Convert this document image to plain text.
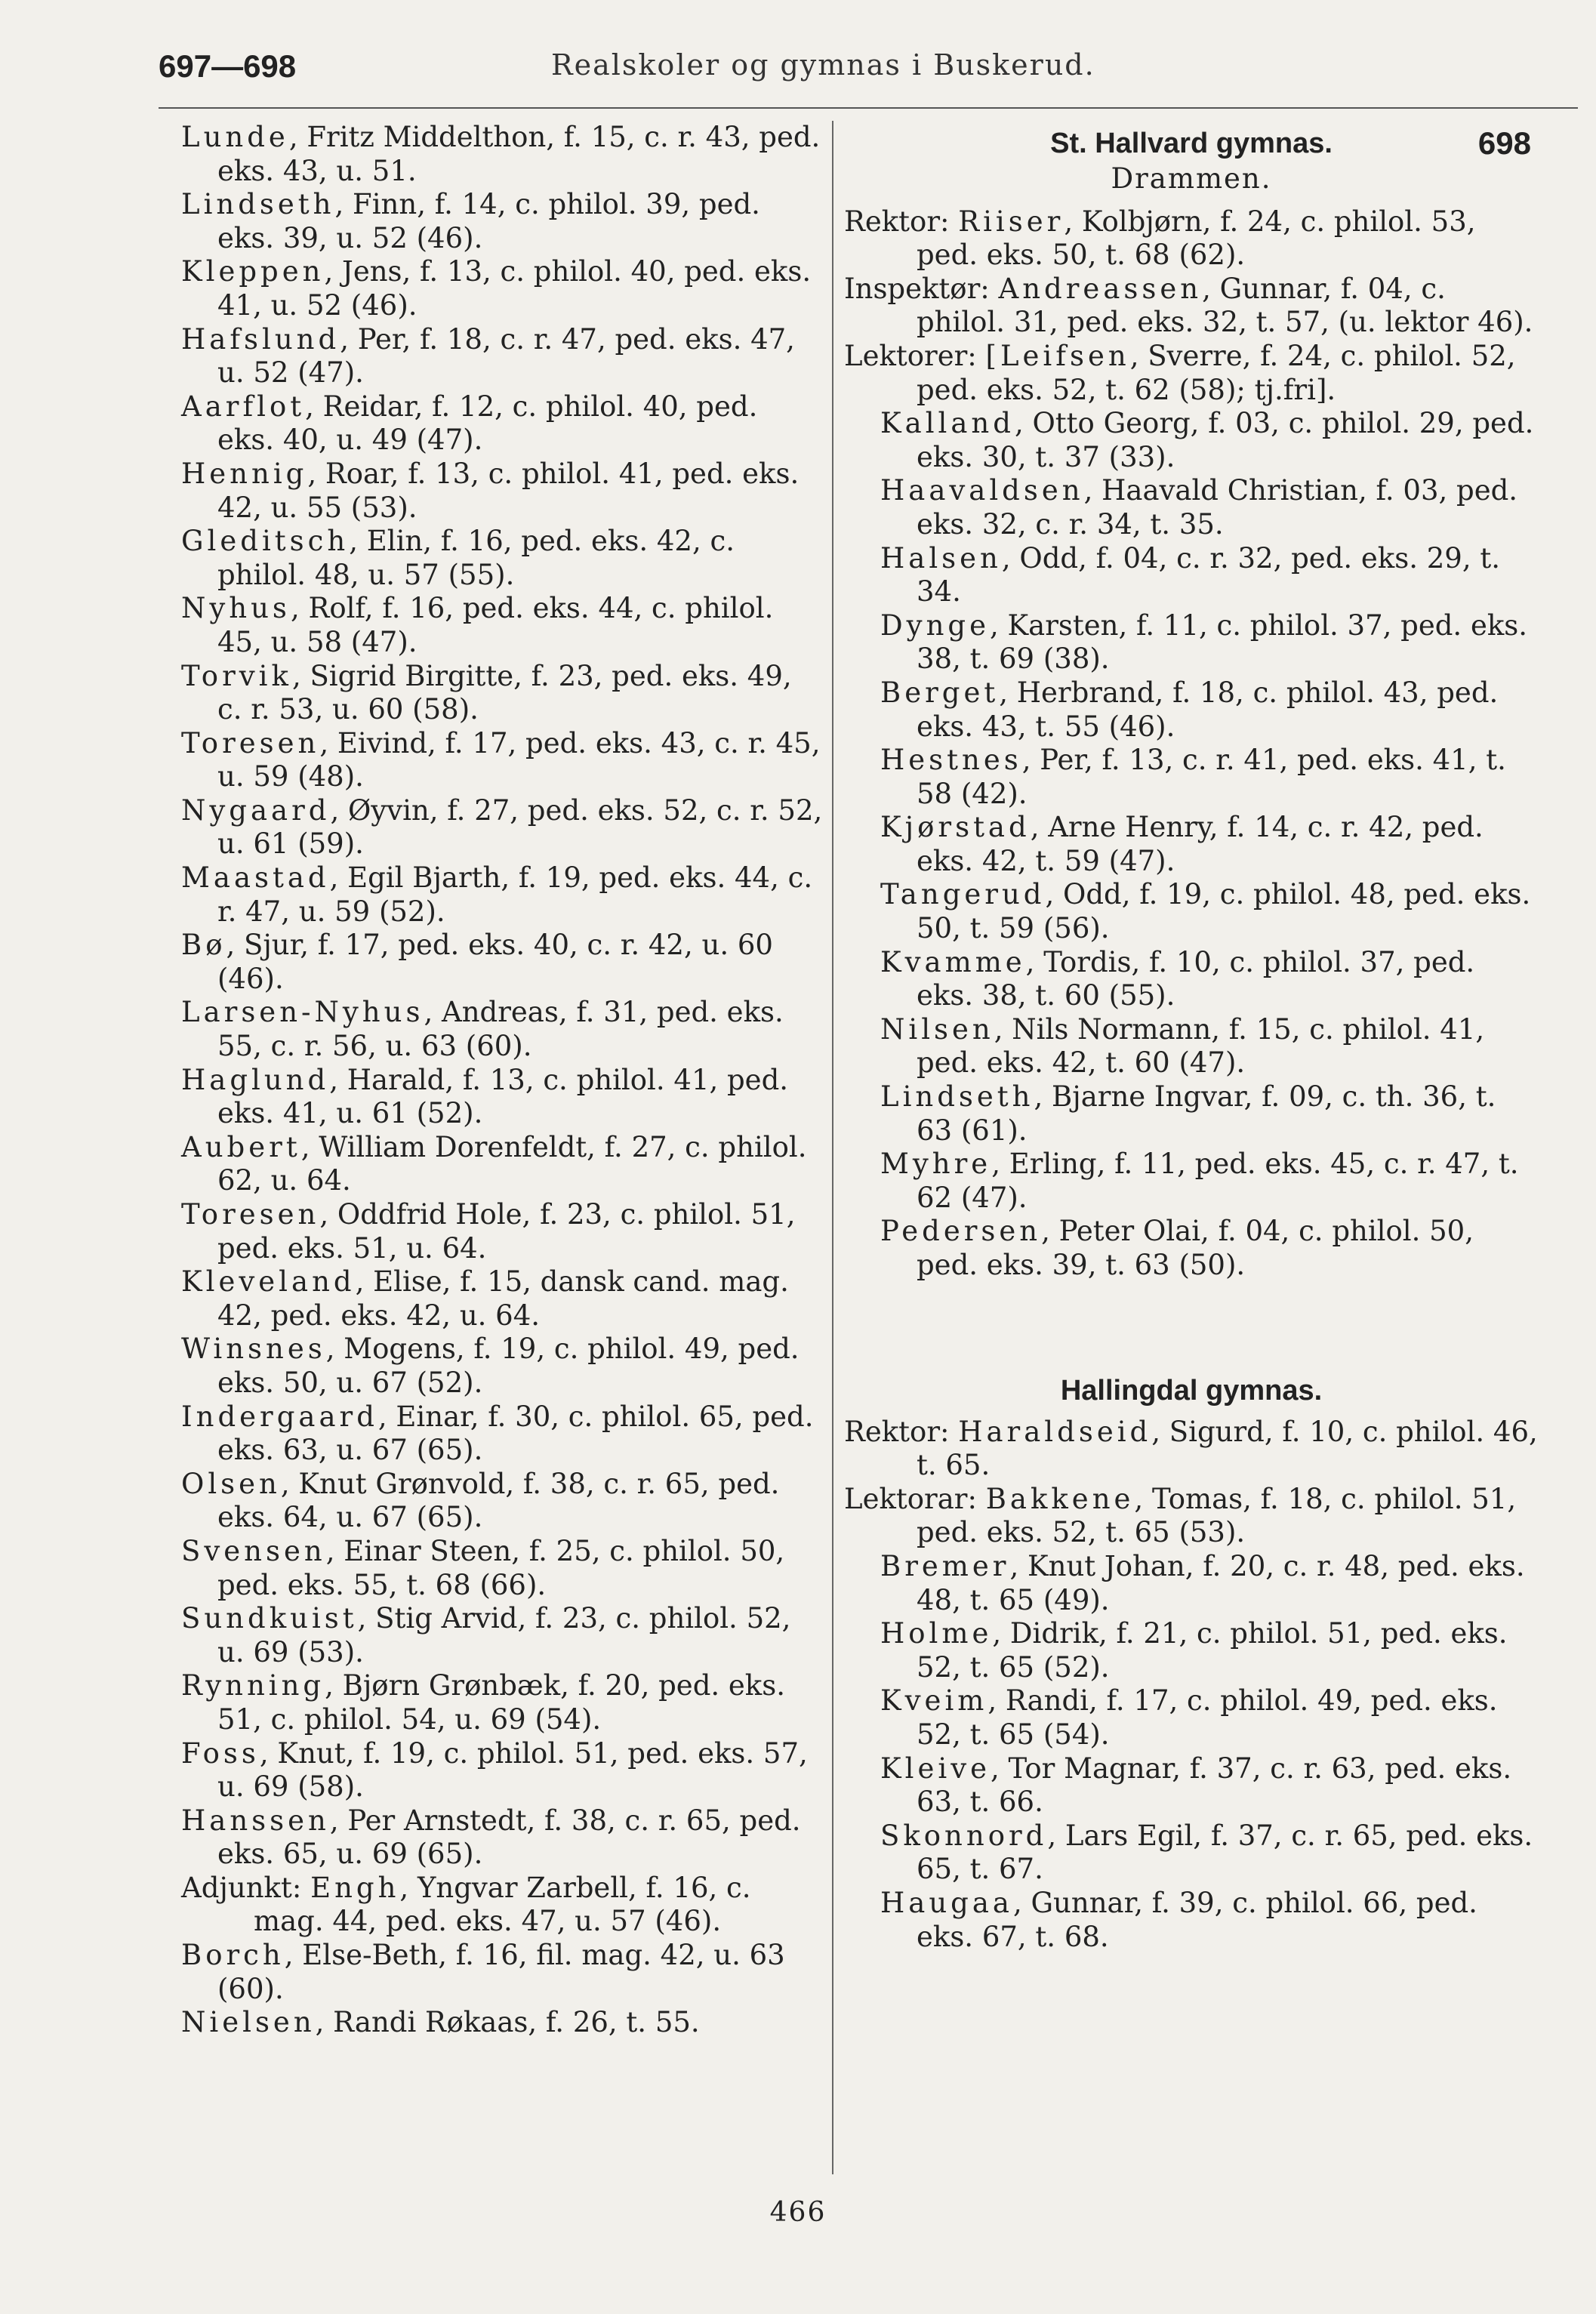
697—698	Realskoler og gymnas i Buskerud.

Lunde, Fritz Middelthon, f. 15, c. r. 43, ped. eks. 43, u. 51.

Lindseth, Finn, f. 14, c. philol. 39, ped. eks. 39, u. 52 (46).

Kleppen, Jens, f. 13, c. philol. 40, ped. eks. 41, u. 52 (46).

Hafslund, Per, f. 18, c. r. 47, ped. eks. 47, u. 52 (47).

Aarflot, Reidar, f. 12, c. philol. 40, ped. eks. 40, u. 49 (47).

Hennig, Roar, f. 13, c. philol. 41, ped. eks. 42, u. 55 (53).

Gleditsch, Elin, f. 16, ped. eks. 42, c. philol. 48, u. 57 (55).

Nyhus, Rolf, f. 16, ped. eks. 44, c. philol. 45, u. 58 (47).

Torvik, Sigrid Birgitte, f. 23, ped. eks. 49, c. r. 53, u. 60 (58).

Toresen, Eivind, f. 17, ped. eks. 43, c. r. 45, u. 59 (48).

Nygaard, Øyvin, f. 27, ped. eks. 52, c. r. 52, u. 61 (59).

Maastad, Egil Bjarth, f. 19, ped. eks. 44, c. r. 47, u. 59 (52).

Bø, Sjur, f. 17, ped. eks. 40, c. r. 42, u. 60 (46).

Larsen-Nyhus, Andreas, f. 31, ped. eks. 55, c. r. 56, u. 63 (60).

Haglund, Harald, f. 13, c. philol. 41, ped. eks. 41, u. 61 (52).

Aubert, William Dorenfeldt, f. 27, c. philol. 62, u. 64.

Toresen, Oddfrid Hole, f. 23, c. philol. 51, ped. eks. 51, u. 64.

Kleveland, Elise, f. 15, dansk cand. mag. 42, ped. eks. 42, u. 64.

Winsnes, Mogens, f. 19, c. philol. 49, ped. eks. 50, u. 67 (52).

Indergaard, Einar, f. 30, c. philol. 65, ped. eks. 63, u. 67 (65).

Olsen, Knut Grønvold, f. 38, c. r. 65, ped. eks. 64, u. 67 (65).

Svensen, Einar Steen, f. 25, c. philol. 50, ped. eks. 55, t. 68 (66).

Sundkuist, Stig Arvid, f. 23, c. philol. 52, u. 69 (53).

Rynning, Bjørn Grønbæk, f. 20, ped. eks. 51, c. philol. 54, u. 69 (54).

Foss, Knut, f. 19, c. philol. 51, ped. eks. 57, u. 69 (58).

Hanssen, Per Arnstedt, f. 38, c. r. 65, ped. eks. 65, u. 69 (65).

Adjunkt: Engh, Yngvar Zarbell, f. 16, c. mag. 44, ped. eks. 47, u. 57 (46).

Borch, Else-Beth, f. 16, fil. mag. 42, u. 63 (60).

Nielsen, Randi Røkaas, f. 26, t. 55.

St. Hallvard gymnas.	698
Drammen.

Rektor: Riiser, Kolbjørn, f. 24, c. philol. 53, ped. eks. 50, t. 68 (62).

Inspektør: Andreassen, Gunnar, f. 04, c. philol. 31, ped. eks. 32, t. 57, (u. lektor 46).

Lektorer: [Leifsen, Sverre, f. 24, c. philol. 52, ped. eks. 52, t. 62 (58); tj.fri].

Kalland, Otto Georg, f. 03, c. philol. 29, ped. eks. 30, t. 37 (33).

Haavaldsen, Haavald Christian, f. 03, ped. eks. 32, c. r. 34, t. 35.

Halsen, Odd, f. 04, c. r. 32, ped. eks. 29, t. 34.

Dynge, Karsten, f. 11, c. philol. 37, ped. eks. 38, t. 69 (38).

Berget, Herbrand, f. 18, c. philol. 43, ped. eks. 43, t. 55 (46).

Hestnes, Per, f. 13, c. r. 41, ped. eks. 41, t. 58 (42).

Kjørstad, Arne Henry, f. 14, c. r. 42, ped. eks. 42, t. 59 (47).

Tangerud, Odd, f. 19, c. philol. 48, ped. eks. 50, t. 59 (56).

Kvamme, Tordis, f. 10, c. philol. 37, ped. eks. 38, t. 60 (55).

Nilsen, Nils Normann, f. 15, c. philol. 41, ped. eks. 42, t. 60 (47).

Lindseth, Bjarne Ingvar, f. 09, c. th. 36, t. 63 (61).

Myhre, Erling, f. 11, ped. eks. 45, c. r. 47, t. 62 (47).

Pedersen, Peter Olai, f. 04, c. philol. 50, ped. eks. 39, t. 63 (50).

Hallingdal gymnas.

Rektor: Haraldseid, Sigurd, f. 10, c. philol. 46, t. 65.

Lektorar: Bakkene, Tomas, f. 18, c. philol. 51, ped. eks. 52, t. 65 (53).

Bremer, Knut Johan, f. 20, c. r. 48, ped. eks. 48, t. 65 (49).

Holme, Didrik, f. 21, c. philol. 51, ped. eks. 52, t. 65 (52).

Kveim, Randi, f. 17, c. philol. 49, ped. eks. 52, t. 65 (54).

Kleive, Tor Magnar, f. 37, c. r. 63, ped. eks. 63, t. 66.

Skonnord, Lars Egil, f. 37, c. r. 65, ped. eks. 65, t. 67.

Haugaa, Gunnar, f. 39, c. philol. 66, ped. eks. 67, t. 68.

466
